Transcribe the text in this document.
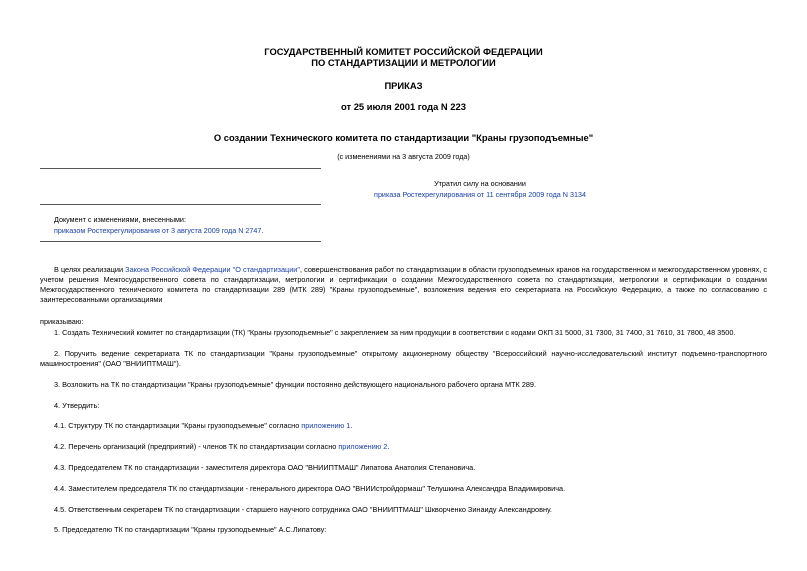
ГОСУДАРСТВЕННЫЙ КОМИТЕТ РОССИЙСКОЙ ФЕДЕРАЦИИ
ПО СТАНДАРТИЗАЦИИ И МЕТРОЛОГИИ
ПРИКАЗ
от 25 июля 2001 года N 223
О создании Технического комитета по стандартизации "Краны грузоподъемные"
(с изменениями на 3 августа 2009 года)
Утратил силу на основании
приказа Ростехрегулирования от 11 сентября 2009 года N 3134
Документ с изменениями, внесенными:
приказом Ростехрегулирования от 3 августа 2009 года N 2747.
В целях реализации Закона Российской Федерации "О стандартизации", совершенствования работ по стандартизации в области грузоподъемных кранов на государственном и межгосударственном уровнях, с учетом решения Межгосударственного совета по стандартизации, метрологии и сертификации о создании Межгосударственного совета по стандартизации, метрологии и сертификации о создании Межгосударственного технического комитета по стандартизации 289 (МТК 289) "Краны грузоподъемные", возложения ведения его секретариата на Российскую Федерацию, а также по согласованию с заинтересованными организациями
приказываю:
1. Создать Технический комитет по стандартизации (ТК) "Краны грузоподъемные" с закреплением за ним продукции в соответствии с кодами ОКП 31 5000, 31 7300, 31 7400, 31 7610, 31 7800, 48 3500.
2. Поручить ведение секретариата ТК по стандартизации "Краны грузоподъемные" открытому акционерному обществу "Всероссийский научно-исследовательский институт подъемно-транспортного машиностроения" (ОАО "ВНИИПТМАШ").
3. Возложить на ТК по стандартизации "Краны грузоподъемные" функции постоянно действующего национального рабочего органа МТК 289.
4. Утвердить:
4.1. Структуру ТК по стандартизации "Краны грузоподъемные" согласно приложению 1.
4.2. Перечень организаций (предприятий) - членов ТК по стандартизации согласно приложению 2.
4.3. Председателем ТК по стандартизации - заместителя директора ОАО "ВНИИПТМАШ" Липатова Анатолия Степановича.
4.4. Заместителем председателя ТК по стандартизации - генерального директора ОАО "ВНИИстройдормаш" Телушкина Александра Владимировича.
4.5. Ответственным секретарем ТК по стандартизации - старшего научного сотрудника ОАО "ВНИИПТМАШ" Шкворченко Зинаиду Александровну.
5. Председателю ТК по стандартизации "Краны грузоподъемные" А.С.Липатову:
